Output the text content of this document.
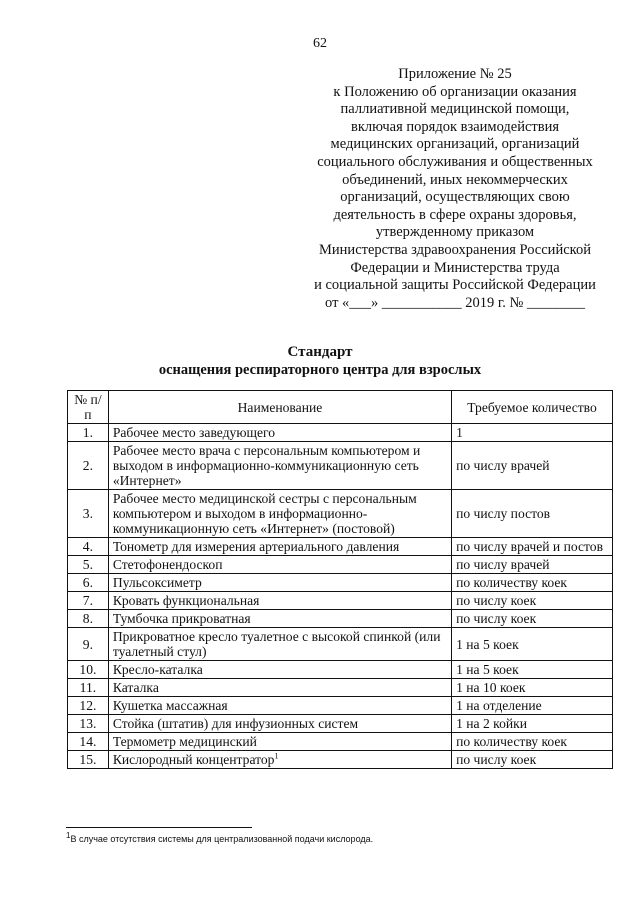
62
Приложение № 25
к Положению об организации оказания
паллиативной медицинской помощи,
включая порядок взаимодействия
медицинских организаций, организаций
социального обслуживания и общественных
объединений, иных некоммерческих
организаций, осуществляющих свою
деятельность в сфере охраны здоровья,
утвержденному приказом
Министерства здравоохранения Российской
Федерации и Министерства труда
и социальной защиты Российской Федерации
от «___» ___________ 2019 г. № ________
Стандарт
оснащения респираторного центра для взрослых
№ п/п	Наименование	Требуемое количество
1.	Рабочее место заведующего	1
2.	Рабочее место врача с персональным компьютером и выходом в информационно-коммуникационную сеть «Интернет»	по числу врачей
3.	Рабочее место медицинской сестры с персональным компьютером и выходом в информационно-коммуникационную сеть «Интернет» (постовой)	по числу постов
4.	Тонометр для измерения артериального давления	по числу врачей и постов
5.	Стетофонендоскоп	по числу врачей
6.	Пульсоксиметр	по количеству коек
7.	Кровать функциональная	по числу коек
8.	Тумбочка прикроватная	по числу коек
9.	Прикроватное кресло туалетное с высокой спинкой (или туалетный стул)	1 на 5 коек
10.	Кресло-каталка	1 на 5 коек
11.	Каталка	1 на 10 коек
12.	Кушетка массажная	1 на отделение
13.	Стойка (штатив) для инфузионных систем	1 на 2 койки
14.	Термометр медицинский	по количеству коек
15.	Кислородный концентратор$^1$	по числу коек
$^1$В случае отсутствия системы для централизованной подачи кислорода.
